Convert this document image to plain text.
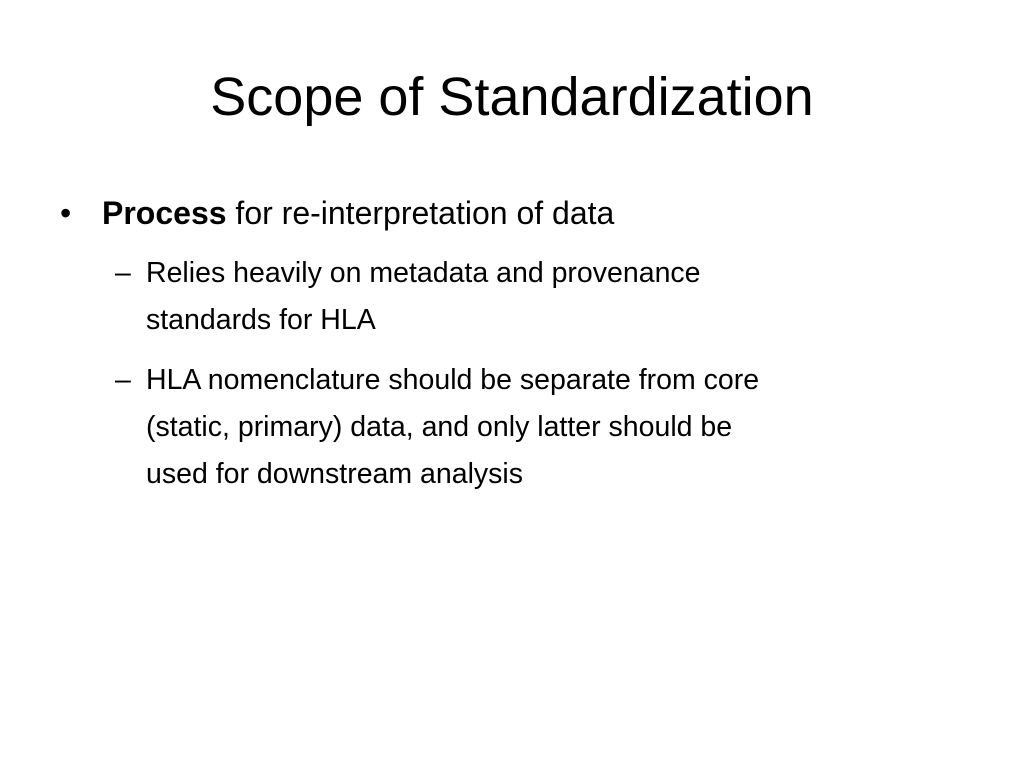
Scope of Standardization
• Process for re-interpretation of data
– Relies heavily on metadata and provenance
standards for HLA
– HLA nomenclature should be separate from core
(static, primary) data, and only latter should be
used for downstream analysis
